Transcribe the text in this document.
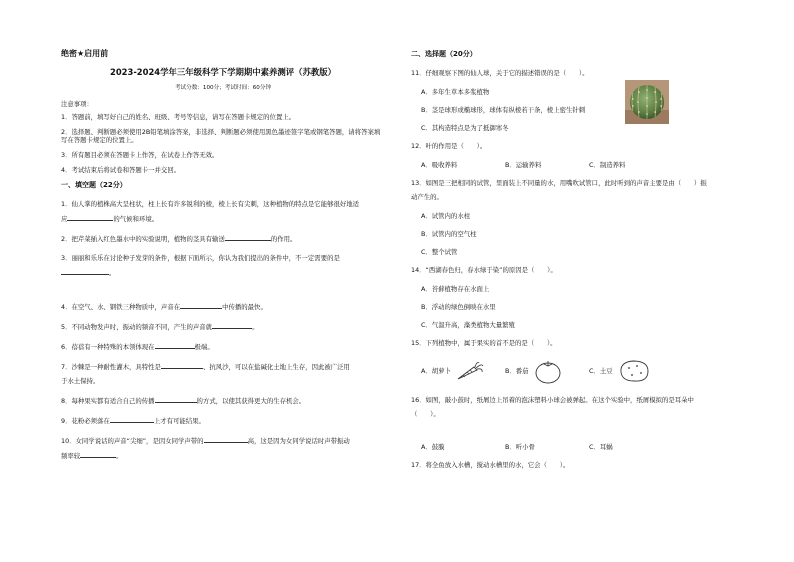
绝密★启用前
2023-2024学年三年级科学下学期期中素养测评（苏教版）
考试分数：100分；考试时间：60分钟
注意事项：
1．答题前，填写好自己的姓名、班级、考号等信息，请写在答题卡规定的位置上。
2．选择题、判断题必须使用2B铅笔填涂答案，非选择、判断题必须使用黑色墨迹签字笔或钢笔答题，请将答案填写在答题卡规定的位置上。
3．所有题目必须在答题卡上作答，在试卷上作答无效。
4．考试结束后将试卷和答题卡一并交回。
一、填空题（22分）
1．仙人掌的植株高大呈柱状，柱上长有许多锐利的棱，棱上长有尖刺，这种植物的特点是它能够很好地适
应	的气候和环境。
2．把芹菜插入红色墨水中的实验说明，植物的茎具有输送	的作用。
3．丽丽和乐乐在讨论种子发芽的条件，根据下面所示，你认为我们提出的条件中，不一定需要的是
。
4．在空气、水、钢铁三种物质中，声音在	中传播的最快。
5．不同动物发声时，振动的频音不同，产生的声音就	。
6．蓓蓓有一种特殊的本领体现在	极端。
7．沙棘是一种耐性灌木，具特性是	、抗风沙，可以在盐碱化土地上生存，因此被广泛用
于水土保持。
8．每种果实都有适合自己的传播	的方式，以使其获得更大的生存机会。
9．花粉必须落在	上才有可能结果。
10．女同学说话的声音“尖细”，是因女同学声带的	高，这是因为女同学说话时声带振动
频率较	。
二、选择题（20分）
11．仔细观察下图的仙人球，关于它的描述错误的是（　　）。
A．多年生草本多浆植物
B．茎是球形或椭球形，球体有纵棱若干条，棱上密生针刺
C．其构造特点是为了抵御寒冬
12．叶的作用是（　　）。
A．吸收养料	B．运输养料	C．制造养料
13．如图是三把相同的试管，里面装上不同量的水，用嘴吹试管口，此时听到的声音主要是由（　　）振
动产生的。
A．试管内的水柱
B．试管内的空气柱
C．整个试管
14．“西湖春色归，春水绿于染”的原因是（　　）。
A．苔藓植物存在水面上
B．浮动的绿色倒映在水里
C．气温升高，藻类植物大量繁殖
15．下列植物中，属于果实的首不是的是（　　）。
A．胡萝卜	B．番茄	C．土豆
16．如图，敲小鼓时，纸屑边上吊着的泡沫塑料小球会被弹起。在这个实验中，纸屑模拟的是耳朵中
（　　）。
A．鼓膜	B．听小骨	C．耳蜗
17．将全鱼放入水槽，搅动水槽里的水，它会（　　）。
